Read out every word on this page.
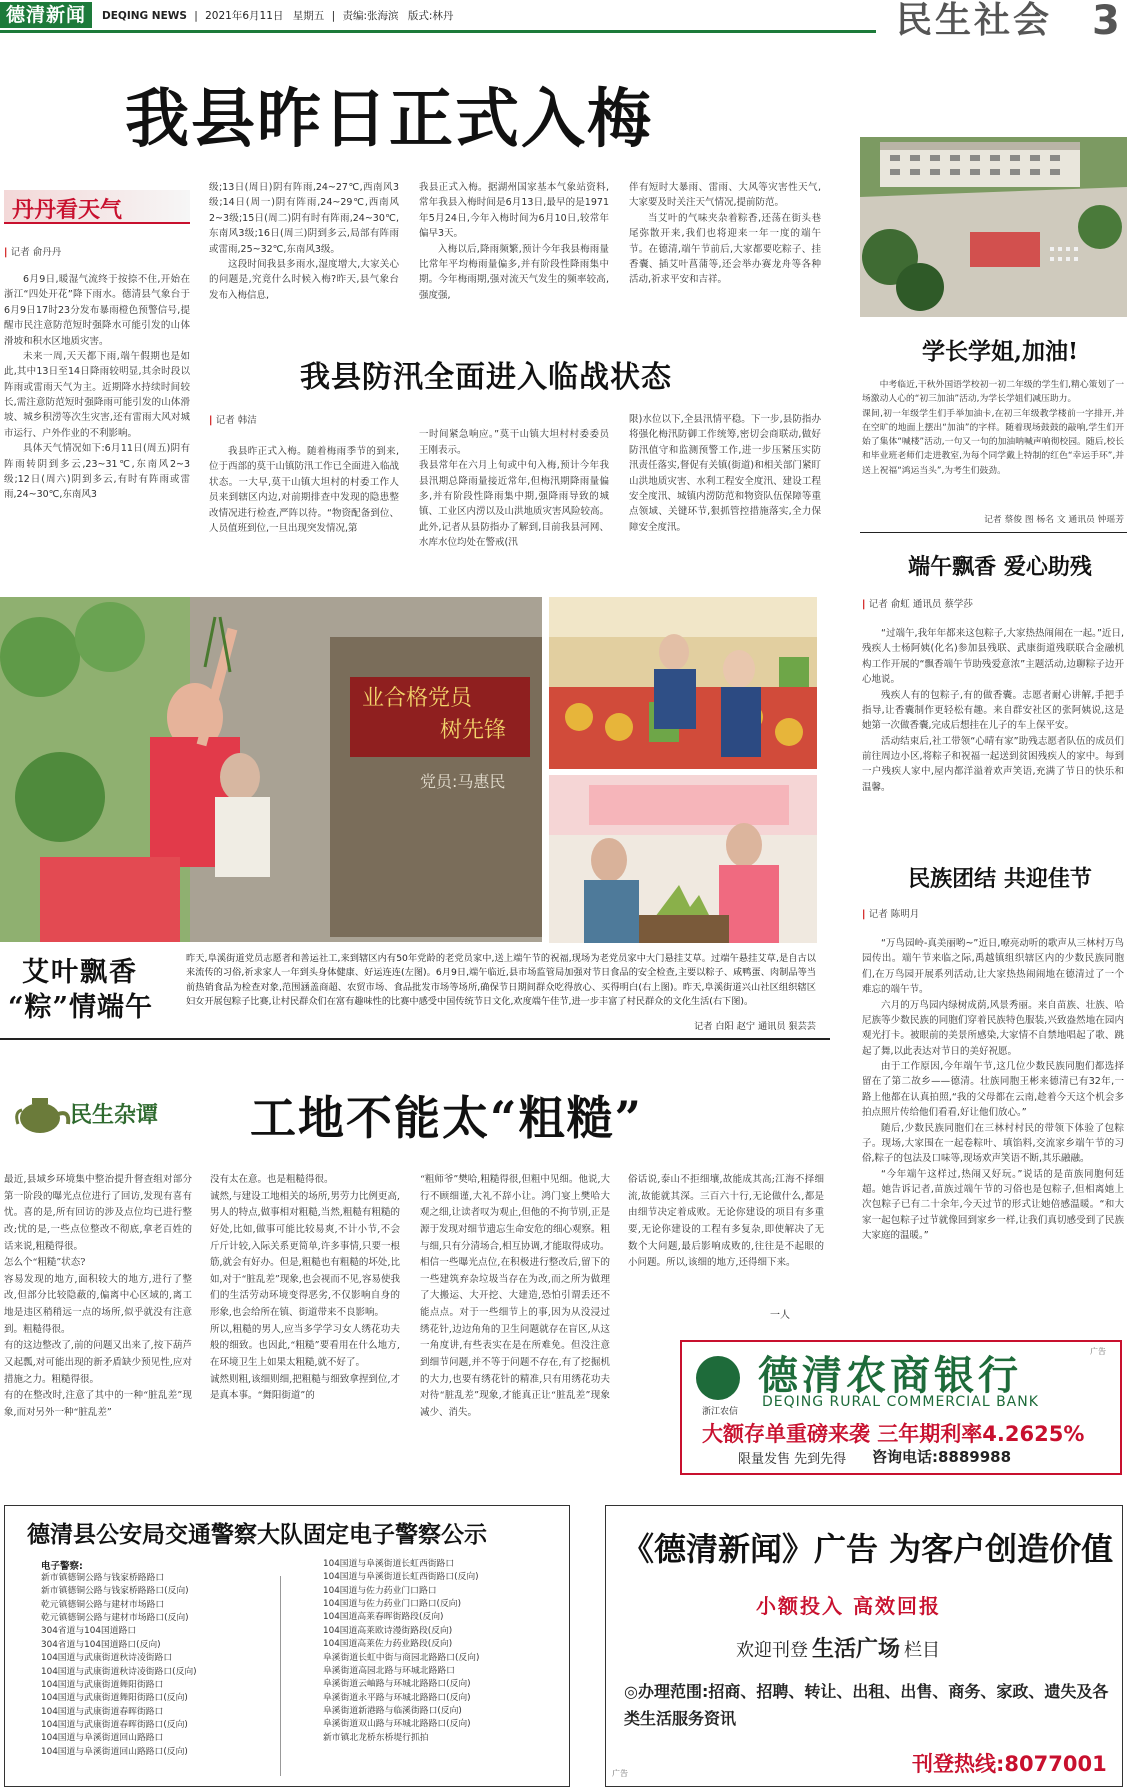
德清新闻	DEQING NEWS | 2021年6月11日 星期五 | 责编:张海滨 版式:林丹	民生社会 3
我县昨日正式入梅
丹丹看天气
| 记者 俞丹丹

6月9日,暖湿气流终于按捺不住,开始在浙江“四处开花”降下雨水。德清县气象台于6月9日17时23分发布暴雨橙色预警信号,提醒市民注意防范短时强降水可能引发的山体滑坡和积水区地质灾害。

未来一周,天天都下雨,端午假期也是如此,其中13日至14日降雨较明显,其余时段以阵雨或雷雨天气为主。近期降水持续时间较长,需注意防范短时强降雨可能引发的山体滑坡、城乡积涝等次生灾害,还有雷雨大风对城市运行、户外作业的不利影响。

具体天气情况如下:6月11日(周五)阴有阵雨转阴到多云,23~31℃,东南风2~3级;12日(周六)阴到多云,有时有阵雨或雷雨,24~30℃,东南风3

级;13日(周日)阴有阵雨,24~27℃,西南风3级;14日(周一)阴有阵雨,24~29℃,西南风2~3级;15日(周二)阴有时有阵雨,24~30℃,东南风3级;16日(周三)阴到多云,局部有阵雨或雷雨,25~32℃,东南风3级。

这段时间我县多雨水,湿度增大,大家关心的问题是,究竟什么时候入梅?昨天,县气象台发布入梅信息,

我县正式入梅。据湖州国家基本气象站资料,常年我县入梅时间是6月13日,最早的是1971年5月24日,今年入梅时间为6月10日,较常年偏早3天。

入梅以后,降雨频繁,预计今年我县梅雨量比常年平均梅雨量偏多,并有阶段性降雨集中期。今年梅雨期,强对流天气发生的频率较高,强度强,

伴有短时大暴雨、雷雨、大风等灾害性天气,大家要及时关注天气情况,提前防范。

当艾叶的气味夹杂着粽香,还荡在街头巷尾弥散开来,我们也将迎来一年一度的端午节。在德清,端午节前后,大家都要吃粽子、挂香囊、插艾叶菖蒲等,还会举办赛龙舟等各种活动,祈求平安和吉祥。

我县防汛全面进入临战状态
| 记者 韩洁

我县昨正式入梅。随着梅雨季节的到来,位于西部的莫干山镇防汛工作已全面进入临战状态。一大早,莫干山镇大坦村的村委工作人员来到辖区内边,对前期排查中发现的隐患整改情况进行检查,严阵以待。“物资配备到位、人员值班到位,一旦出现突发情况,第

一时间紧急响应。”莫干山镇大坦村村委委员王刚表示。
我县常年在六月上旬或中旬入梅,预计今年我县汛期总降雨量接近常年,但梅汛期降雨量偏多,并有阶段性降雨集中期,强降雨导致的城镇、工业区内涝以及山洪地质灾害风险较高。
此外,记者从县防指办了解到,目前我县河网、水库水位均处在警戒(汛

限)水位以下,全县汛情平稳。下一步,县防指办将强化梅汛防御工作统筹,密切会商联动,做好防汛值守和监测预警工作,进一步压紧压实防汛责任落实,督促有关镇(街道)和相关部门紧盯山洪地质灾害、水利工程安全度汛、建设工程安全度汛、城镇内涝防范和物资队伍保障等重点领域、关键环节,狠抓管控措施落实,全力保障安全度汛。

学长学姐,加油!
中考临近,干秋外国语学校初一初二年级的学生们,精心策划了一场激动人心的“初三加油”活动,为学长学姐们减压助力。
课间,初一年级学生们手举加油卡,在初三年级教学楼前一字排开,并在空旷的地面上摆出“加油”的字样。随着现场鼓鼓的敲响,学生们开始了集体“喊楼”活动,一句又一句的加油呐喊声响彻校园。随后,校长和毕业班老师们走进教室,为每个同学戴上特制的红色“幸运手环”,并送上祝福“鸿运当头”,为考生们鼓劲。
记者 蔡俊 图 杨名 文 通讯员 钟瑶芳
端午飘香 爱心助残
| 记者 俞虹 通讯员 蔡学莎

“过端午,我年年都来这包粽子,大家热热闹闹在一起。”近日,残疾人士杨阿姨(化名)参加县残联、武康街道残联联合金融机构工作开展的“飘香端午节助残爱意浓”主题活动,边聊粽子边开心地说。

残疾人有的包粽子,有的做香囊。志愿者耐心讲解,手把手指导,让香囊制作更轻松有趣。来自群安社区的张阿姨说,这是她第一次做香囊,完成后想挂在儿子的车上保平安。

活动结束后,社工带领“心晴有家”助残志愿者队伍的成员们前往周边小区,将粽子和祝福一起送到贫困残疾人的家中。每到一户残疾人家中,屋内都洋溢着欢声笑语,充满了节日的快乐和温馨。

民族团结 共迎佳节
| 记者 陈明月

“万鸟园岭-真美丽哟~”近日,嘹亮动听的歌声从三林村万鸟园传出。端午节来临之际,禹越镇组织辖区内的少数民族同胞们,在万鸟园开展系列活动,让大家热热闹闹地在德清过了一个难忘的端午节。

六月的万鸟园内绿树成荫,风景秀丽。来自苗族、壮族、哈尼族等少数民族的同胞们穿着民族特色服装,兴致盎然地在园内观光打卡。被眼前的美景所感染,大家情不自禁地唱起了歌、跳起了舞,以此表达对节日的美好祝愿。

由于工作原因,今年端午节,这几位少数民族同胞们都选择留在了第二故乡——德清。壮族同胞王彬来德清已有32年,一路上他都在认真拍照,“我的父母都在云南,趁着今天这个机会多拍点照片传给他们看看,好让他们放心。”

随后,少数民族同胞们在三林村村民的带领下体验了包粽子。现场,大家围在一起卷粽叶、填馅料,交流家乡端午节的习俗,粽子的包法及口味等,现场欢声笑语不断,其乐融融。

“今年端午这样过,热闹又好玩。”说话的是苗族同胞何廷超。她告诉记者,苗族过端午节的习俗也是包粽子,但相离她上次包粽子已有二十余年,今天过节的形式让她倍感温暖。“和大家一起包粽子过节就像回到家乡一样,让我们真切感受到了民族大家庭的温暖。”

业合格党员
树先锋
党员:马惠民
艾叶飘香
“粽”情端午
昨天,阜溪街道党员志愿者和善运社工,来到辖区内有50年党龄的老党员家中,送上端午节的祝福,现场为老党员家中大门悬挂艾草。过端午悬挂艾草,是自古以来流传的习俗,祈求家人一年到头身体健康、好运连连(左图)。6月9日,端午临近,县市场监管局加强对节日食品的安全检查,主要以粽子、咸鸭蛋、肉制品等当前热销食品为检查对象,范围涵盖商超、农贸市场、食品批发市场等场所,确保节日期间群众吃得放心、买得明白(右上图)。昨天,阜溪街道兴山社区组织辖区妇女开展包粽子比赛,让村民群众们在富有趣味性的比赛中感受中国传统节日文化,欢度端午佳节,进一步丰富了村民群众的文化生活(右下图)。
记者 白阳 赵宁 通讯员 狠芸芸
民生杂谭 工地不能太“粗糙”
最近,县域乡环境集中整治提升督查组对部分第一阶段的曝光点位进行了回访,发现有喜有忧。喜的是,所有回访的涉及点位均已进行整改;忧的是,一些点位整改不彻底,拿老百姓的话来说,粗糙得很。
怎么个“粗糙”状态?
容易发现的地方,面积较大的地方,进行了整改,但部分比较隐蔽的,偏离中心区域的,离工地是违区稍稍远一点的场所,似乎就没有注意到。粗糙得很。
有的这边整改了,前的问题又出来了,按下葫芦又起瓢,对可能出现的新矛盾缺少预见性,应对措施之力。粗糙得很。
有的在整改时,注意了其中的一种“脏乱差”现象,而对另外一种“脏乱差”
没有太在意。也是粗糙得很。
诚然,与建设工地相关的场所,男劳力比例更高,男人的特点,做事相对粗糙,当然,粗糙有粗糙的好处,比如,做事可能比较易爽,不计小节,不会斤斤计较,入际关系更简单,许多事情,只要一根筋,就会有好办。但是,粗糙也有粗糙的坏处,比如,对于“脏乱差”现象,也会视而不见,容易使我们的生活劳动环境变得恶劣,不仅影响自身的形象,也会给所在镇、街道带来不良影响。
所以,粗糙的男人,应当多学学习女人绣花功夫般的细致。也因此,“粗糙”要看用在什么地方,在环境卫生上如果太粗糙,就不好了。
诚然则粗,该细则细,把粗糙与细致拿捏到位,才是真本事。“舞阳街道”的
“粗师爷”樊哈,粗糙得很,但粗中见细。他说,大行不顾细谨,大礼不辞小让。鸿门宴上樊哈大观之细,让读者叹为观止,但他的不拘节别,正是源于发现对细节遗忘生命安危的细心观察。粗与细,只有分清场合,相互协调,才能取得成功。
相信一些曝光点位,在积极进行整改后,留下的一些建筑弃杂垃圾当存在为改,而之所为做理了大搬运、大开挖、大建造,恐怕引谓丢还不能点点。对于一些细节上的事,因为从没浸过绣花针,边边角角的卫生问题就存在盲区,从这一角度讲,有些表实在是在所难免。但没注意到细节问题,并不等于问题不存在,有了挖掘机的大力,也要有绣花针的精准,只有用绣花功夫对待“脏乱差”现象,才能真正让“脏乱差”现象减少、消失。
俗话说,泰山不拒细壤,故能成其高;江海不择细流,故能就其深。三百六十行,无论做什么,都是由细节决定着成败。无论你建设的项目有多重要,无论你建设的工程有多复杂,即使解决了无数个大问题,最后影响成败的,往往是不起眼的小问题。所以,该细的地方,还得细下来。
一人
浙江农信
德清农商银行
DEQING RURAL COMMERCIAL BANK
广告
大额存单重磅来袭 三年期利率4.2625%
限量发售 先到先得 咨询电话:8889988
德清县公安局交通警察大队固定电子警察公示
电子警察:
新市镇德铜公路与钱家桥路路口
新市镇德铜公路与钱家桥路路口(反向)
乾元镇德铜公路与建材市场路口
乾元镇德铜公路与建材市场路口(反向)
304省道与104国道路口
304省道与104国道路口(反向)
104国道与武康街道秋诗凌街路口
104国道与武康街道秋诗凌街路口(反向)
104国道与武康街道舞阳街路口
104国道与武康街道舞阳街路口(反向)
104国道与武康街道春晖街路口
104国道与武康街道春晖街路口(反向)
104国道与阜溪街道回山路路口
104国道与阜溪街道回山路路口(反向)
104国道与阜溪街道长虹西街路口
104国道与阜溪街道长虹西街路口(反向)
104国道与佐力药业门口路口
104国道与佐力药业门口路口(反向)
104国道高莱春晖街路段(反向)
104国道高莱欧诗漫街路段(反向)
104国道高莱佐力药业路段(反向)
阜溪街道长虹中街与商园北路路口(反向)
阜溪街道高园北路与环城北路路口
阜溪街道云岫路与环城北路路口(反向)
阜溪街道永平路与环城北路路口(反向)
阜溪街道新港路与临溪街路口(反向)
阜溪街道双山路与环城北路路口(反向)
新市镇北龙桥东桥堤行抓拍
《德清新闻》广告 为客户创造价值
小额投入 高效回报
欢迎刊登 生活广场 栏目
◎办理范围:招商、招聘、转让、出租、出售、商务、家政、遗失及各类生活服务资讯
广告	刊登热线:8077001
